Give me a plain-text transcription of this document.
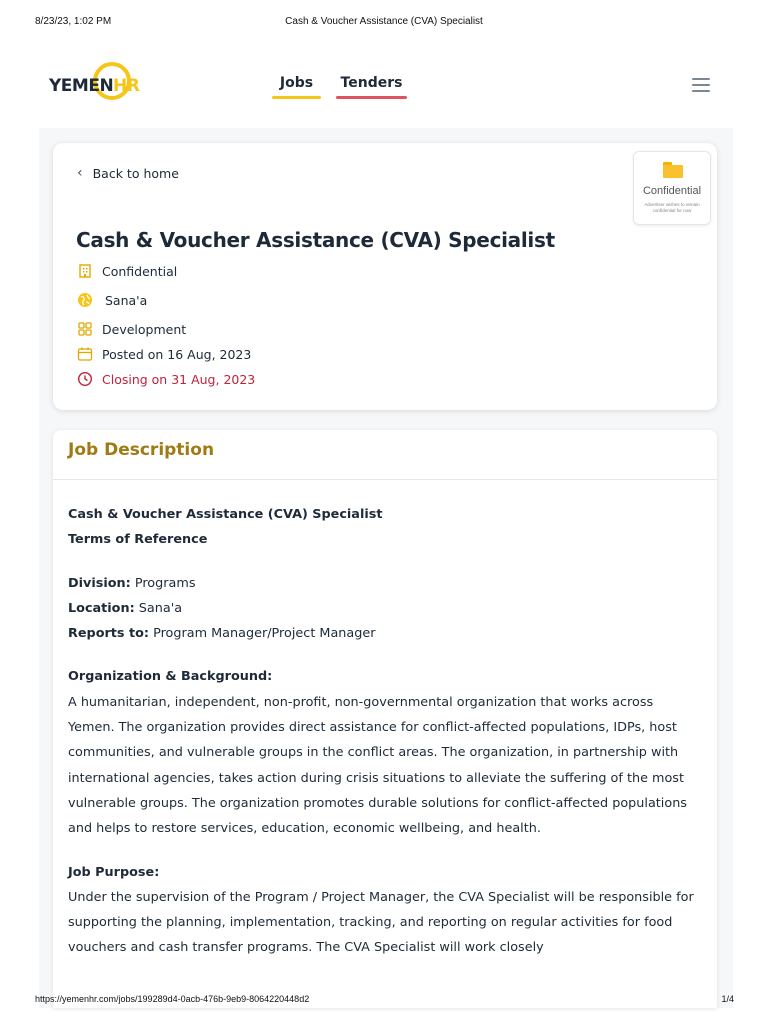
8/23/23, 1:02 PM	Cash & Voucher Assistance (CVA) Specialist
YEMEN HR	Jobs	Tenders
‹ Back to home
Confidential
Advertiser wishes to remain confidential for now
Cash & Voucher Assistance (CVA) Specialist
Confidential
Sana'a
Development
Posted on 16 Aug, 2023
Closing on 31 Aug, 2023
Job Description

Cash & Voucher Assistance (CVA) Specialist
Terms of Reference

Division: Programs
Location: Sana'a
Reports to: Program Manager/Project Manager

Organization & Background:
A humanitarian, independent, non-profit, non-governmental organization that works across Yemen. The organization provides direct assistance for conflict-affected populations, IDPs, host communities, and vulnerable groups in the conflict areas. The organization, in partnership with international agencies, takes action during crisis situations to alleviate the suffering of the most vulnerable groups. The organization promotes durable solutions for conflict-affected populations and helps to restore services, education, economic wellbeing, and health.

Job Purpose:
Under the supervision of the Program / Project Manager, the CVA Specialist will be responsible for supporting the planning, implementation, tracking, and reporting on regular activities for food vouchers and cash transfer programs. The CVA Specialist will work closely

https://yemenhr.com/jobs/199289d4-0acb-476b-9eb9-8064220448d2	1/4
